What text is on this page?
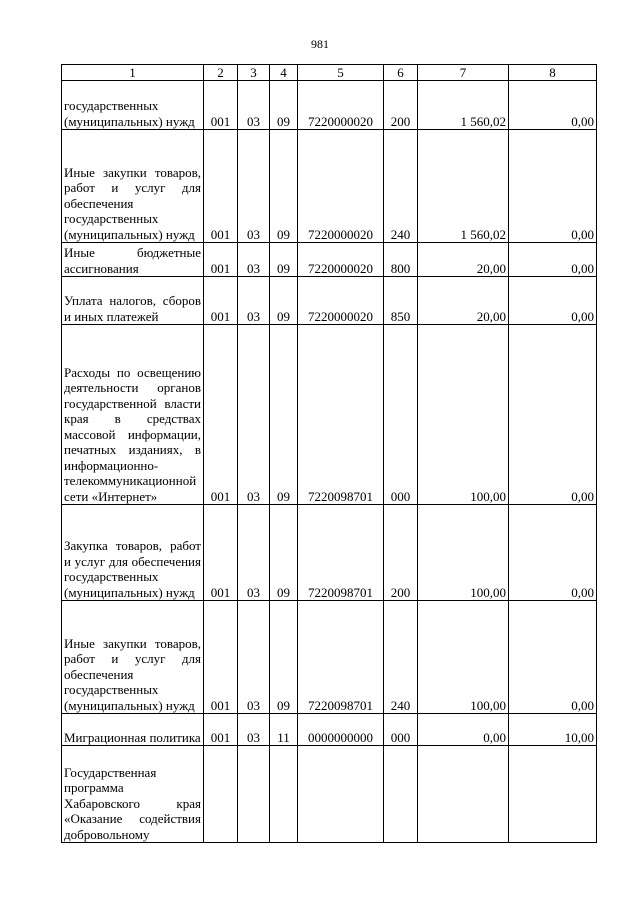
981
1	2	3	4	5	6	7	8
государственных (муниципальных) нужд	001	03	09	7220000020	200	1 560,02	0,00
Иные закупки товаров, работ и услуг для обеспечения государственных (муниципальных) нужд	001	03	09	7220000020	240	1 560,02	0,00
Иные бюджетные ассигнования	001	03	09	7220000020	800	20,00	0,00
Уплата налогов, сборов и иных платежей	001	03	09	7220000020	850	20,00	0,00
Расходы по освещению деятельности органов государственной власти края в средствах массовой информации, печатных изданиях, в информационно-телекоммуникационной сети «Интернет»	001	03	09	7220098701	000	100,00	0,00
Закупка товаров, работ и услуг для обеспечения государственных (муниципальных) нужд	001	03	09	7220098701	200	100,00	0,00
Иные закупки товаров, работ и услуг для обеспечения государственных (муниципальных) нужд	001	03	09	7220098701	240	100,00	0,00
Миграционная политика	001	03	11	0000000000	000	0,00	10,00
Государственная программа Хабаровского края «Оказание содействия добровольному							
